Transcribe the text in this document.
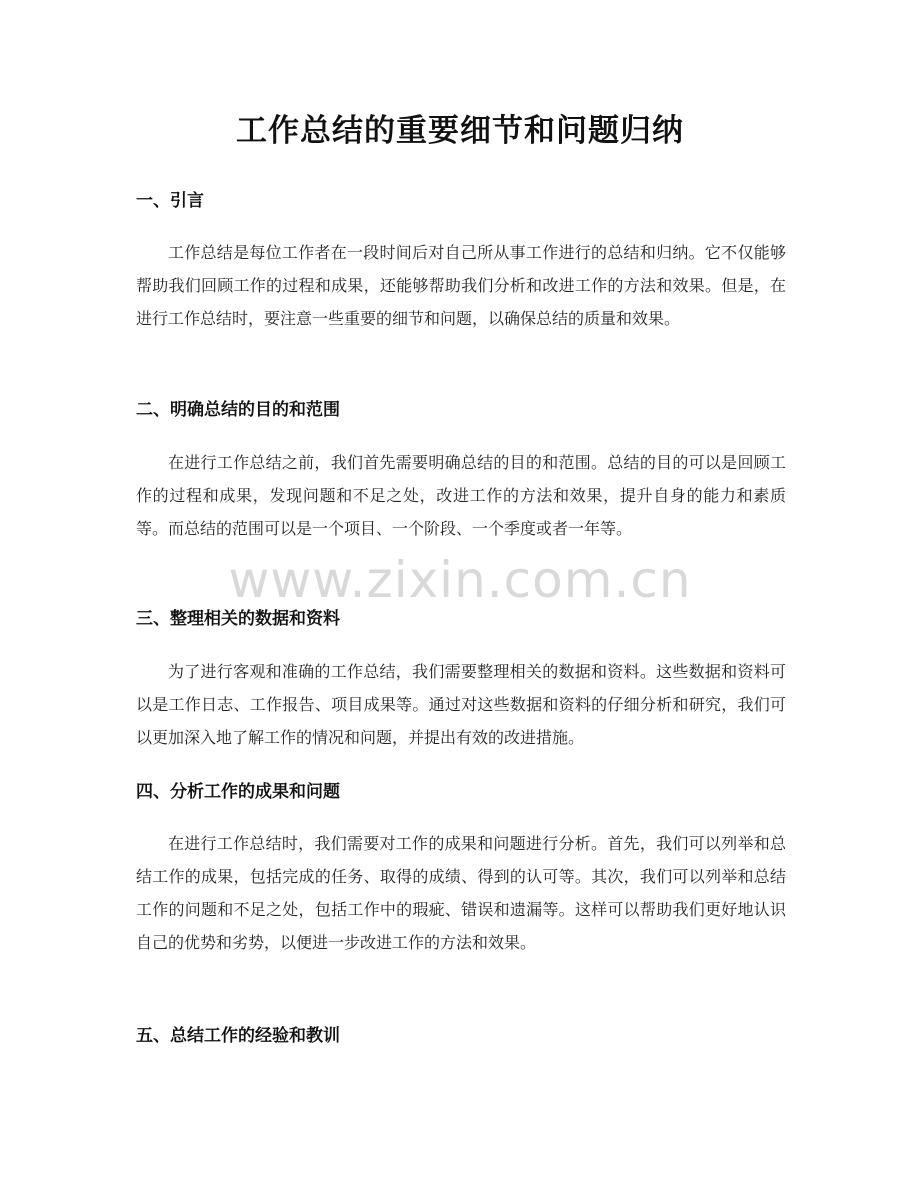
工作总结的重要细节和问题归纳
www.zixin.com.cn
一、引言

工作总结是每位工作者在一段时间后对自己所从事工作进行的总结和归纳。它不仅能够帮助我们回顾工作的过程和成果，还能够帮助我们分析和改进工作的方法和效果。但是，在进行工作总结时，要注意一些重要的细节和问题，以确保总结的质量和效果。

二、明确总结的目的和范围

在进行工作总结之前，我们首先需要明确总结的目的和范围。总结的目的可以是回顾工作的过程和成果，发现问题和不足之处，改进工作的方法和效果，提升自身的能力和素质等。而总结的范围可以是一个项目、一个阶段、一个季度或者一年等。

三、整理相关的数据和资料

为了进行客观和准确的工作总结，我们需要整理相关的数据和资料。这些数据和资料可以是工作日志、工作报告、项目成果等。通过对这些数据和资料的仔细分析和研究，我们可以更加深入地了解工作的情况和问题，并提出有效的改进措施。

四、分析工作的成果和问题

在进行工作总结时，我们需要对工作的成果和问题进行分析。首先，我们可以列举和总结工作的成果，包括完成的任务、取得的成绩、得到的认可等。其次，我们可以列举和总结工作的问题和不足之处，包括工作中的瑕疵、错误和遗漏等。这样可以帮助我们更好地认识自己的优势和劣势，以便进一步改进工作的方法和效果。

五、总结工作的经验和教训
